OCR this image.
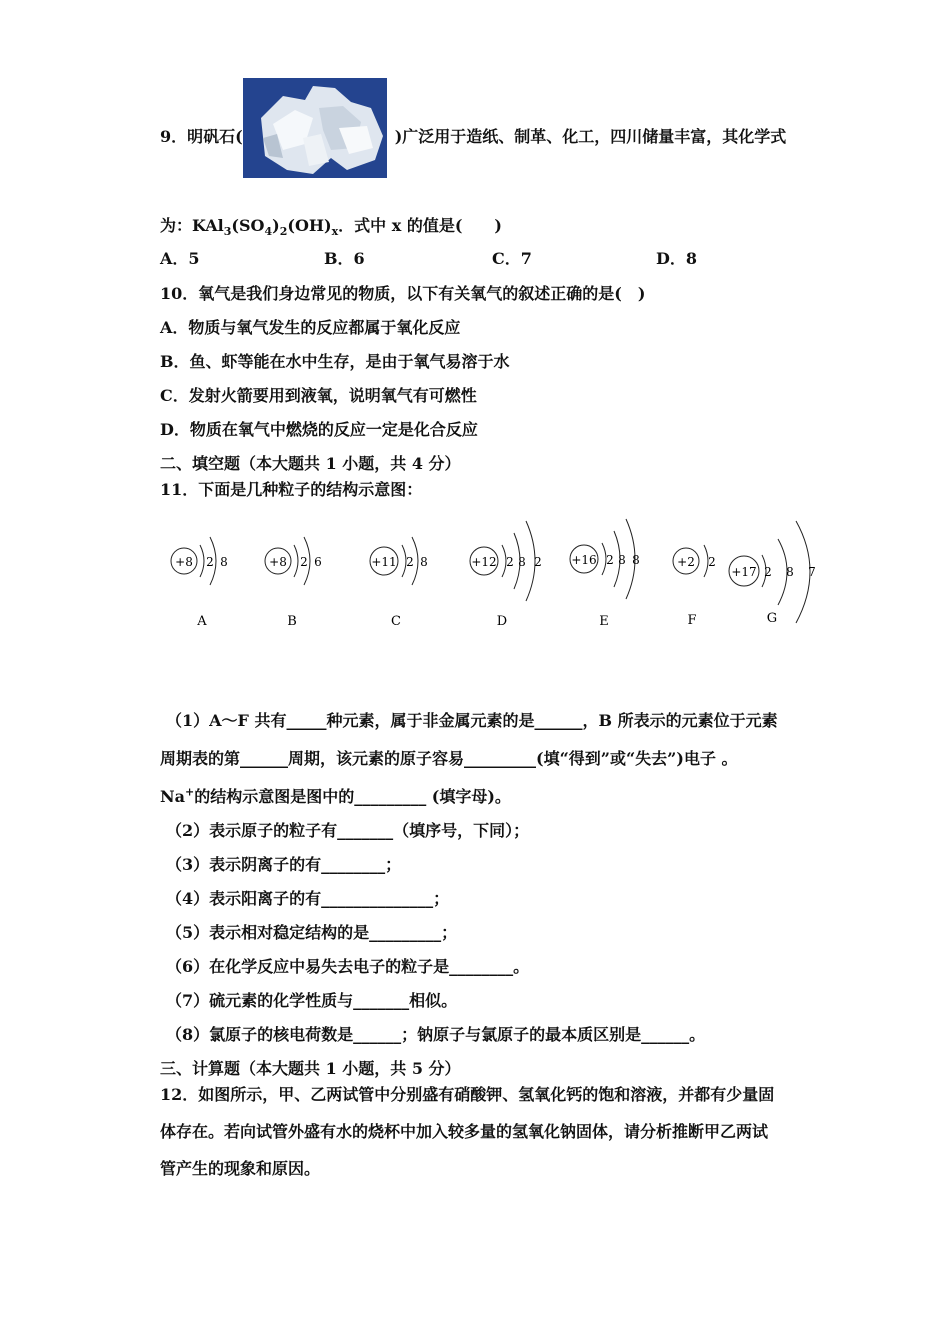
9．明矾石(	)广泛用于造纸、制革、化工，四川储量丰富，其化学式
为：$KAl_3(SO_4)_2(OH)_x$．式中 x 的值是(　　)
A．5	B．6	C．7	D．8
10．氧气是我们身边常见的物质，以下有关氧气的叙述正确的是(　)
A．物质与氧气发生的反应都属于氧化反应
B．鱼、虾等能在水中生存，是由于氧气易溶于水
C．发射火箭要用到液氧，说明氧气有可燃性
D．物质在氧气中燃烧的反应一定是化合反应
二、填空题（本大题共 1 小题，共 4 分）
11．下面是几种粒子的结构示意图：
+8 2 8
A
+8 2 6
B
+11 2 8
C
+12 2 8 2
D
+16 2 8 8
E
+2 2
F
+17 2 8 7
G
（1）A～F 共有_____种元素，属于非金属元素的是______，B 所表示的元素位于元素
周期表的第______周期，该元素的原子容易_________(填“得到”或“失去”)电子 。
Na+的结构示意图是图中的_________ (填字母)。
（2）表示原子的粒子有_______（填序号，下同）；
（3）表示阴离子的有________；
（4）表示阳离子的有______________；
（5）表示相对稳定结构的是_________；
（6）在化学反应中易失去电子的粒子是________。
（7）硫元素的化学性质与_______相似。
（8）氯原子的核电荷数是______；钠原子与氯原子的最本质区别是______。
三、计算题（本大题共 1 小题，共 5 分）
12．如图所示，甲、乙两试管中分别盛有硝酸钾、氢氧化钙的饱和溶液，并都有少量固
体存在。若向试管外盛有水的烧杯中加入较多量的氢氧化钠固体，请分析推断甲乙两试
管产生的现象和原因。
